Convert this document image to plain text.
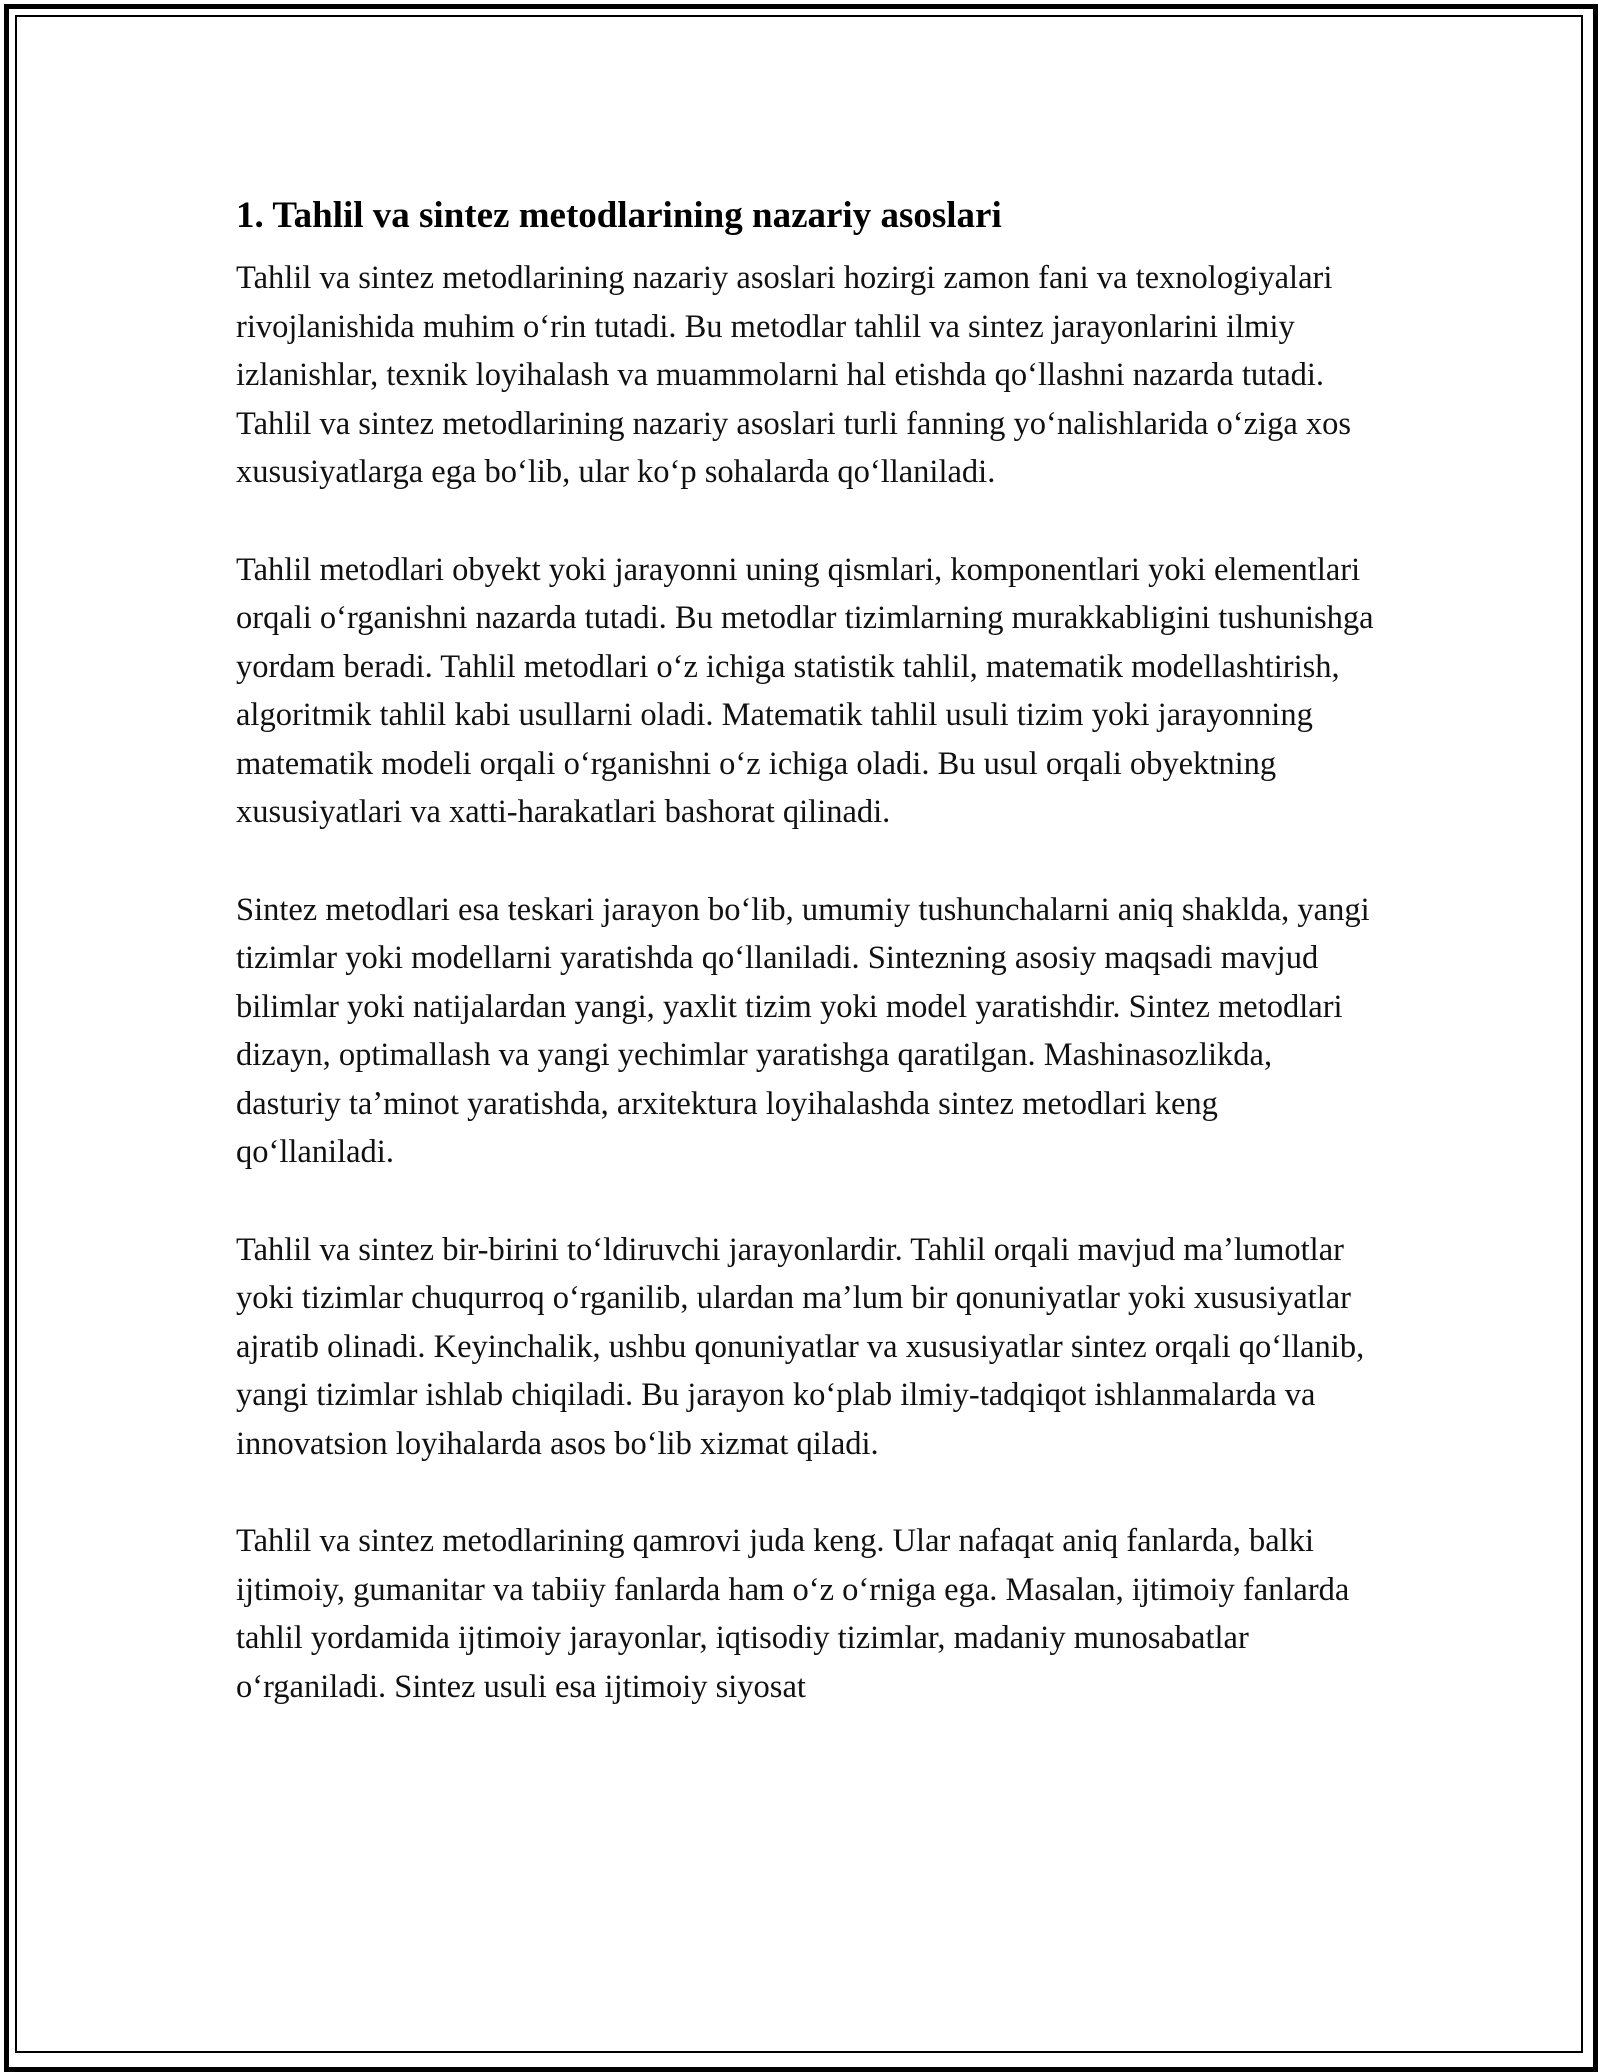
1. Tahlil va sintez metodlarining nazariy asoslari

Tahlil va sintez metodlarining nazariy asoslari hozirgi zamon fani va texnologiyalari rivojlanishida muhim oʻrin tutadi. Bu metodlar tahlil va sintez jarayonlarini ilmiy izlanishlar, texnik loyihalash va muammolarni hal etishda qoʻllashni nazarda tutadi. Tahlil va sintez metodlarining nazariy asoslari turli fanning yoʻnalishlarida oʻziga xos xususiyatlarga ega boʻlib, ular koʻp sohalarda qoʻllaniladi.

Tahlil metodlari obyekt yoki jarayonni uning qismlari, komponentlari yoki elementlari orqali oʻrganishni nazarda tutadi. Bu metodlar tizimlarning murakkabligini tushunishga yordam beradi. Tahlil metodlari oʻz ichiga statistik tahlil, matematik modellashtirish, algoritmik tahlil kabi usullarni oladi. Matematik tahlil usuli tizim yoki jarayonning matematik modeli orqali oʻrganishni oʻz ichiga oladi. Bu usul orqali obyektning xususiyatlari va xatti-harakatlari bashorat qilinadi.

Sintez metodlari esa teskari jarayon boʻlib, umumiy tushunchalarni aniq shaklda, yangi tizimlar yoki modellarni yaratishda qoʻllaniladi. Sintezning asosiy maqsadi mavjud bilimlar yoki natijalardan yangi, yaxlit tizim yoki model yaratishdir. Sintez metodlari dizayn, optimallash va yangi yechimlar yaratishga qaratilgan. Mashinasozlikda, dasturiy taʼminot yaratishda, arxitektura loyihalashda sintez metodlari keng qoʻllaniladi.

Tahlil va sintez bir-birini toʻldiruvchi jarayonlardir. Tahlil orqali mavjud maʼlumotlar yoki tizimlar chuqurroq oʻrganilib, ulardan maʼlum bir qonuniyatlar yoki xususiyatlar ajratib olinadi. Keyinchalik, ushbu qonuniyatlar va xususiyatlar sintez orqali qoʻllanib, yangi tizimlar ishlab chiqiladi. Bu jarayon koʻplab ilmiy-tadqiqot ishlanmalarda va innovatsion loyihalarda asos boʻlib xizmat qiladi.

Tahlil va sintez metodlarining qamrovi juda keng. Ular nafaqat aniq fanlarda, balki ijtimoiy, gumanitar va tabiiy fanlarda ham oʻz oʻrniga ega. Masalan, ijtimoiy fanlarda tahlil yordamida ijtimoiy jarayonlar, iqtisodiy tizimlar, madaniy munosabatlar oʻrganiladi. Sintez usuli esa ijtimoiy siyosat
